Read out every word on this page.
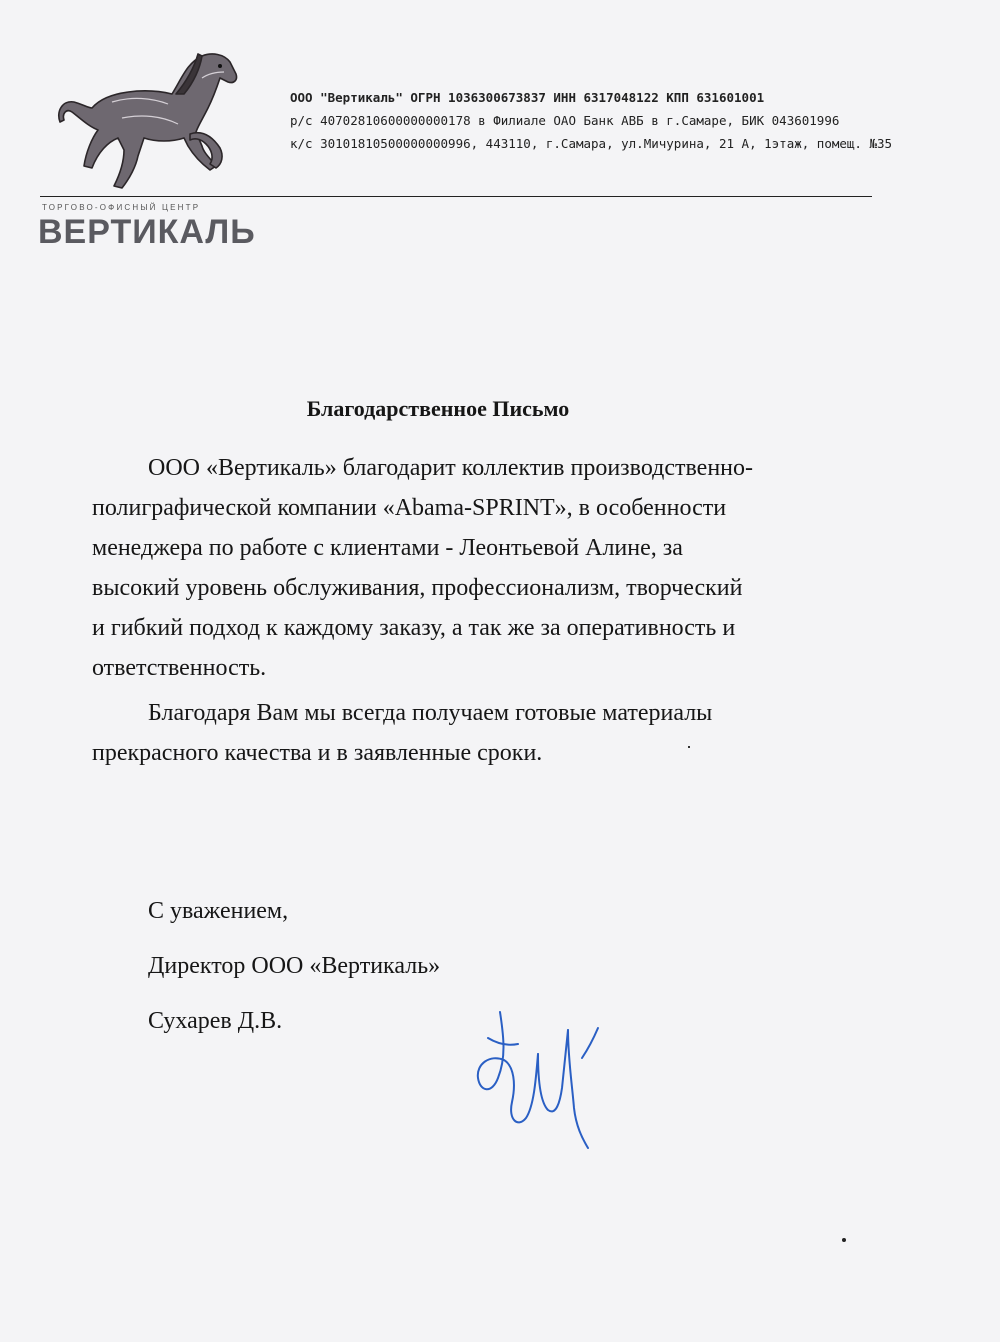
ТОРГОВО-ОФИСНЫЙ ЦЕНТР
ВЕРТИКАЛЬ
ООО "Вертикаль" ОГРН 1036300673837 ИНН 6317048122 КПП 631601001
р/с 40702810600000000178 в Филиале ОАО Банк АВБ в г.Самаре, БИК 043601996
к/с 30101810500000000996, 443110, г.Самара, ул.Мичурина, 21 А, 1этаж, помещ. №35
Благодарственное Письмо

ООО «Вертикаль» благодарит коллектив производственно-
полиграфической компании «Abama-SPRINT», в особенности
менеджера по работе с клиентами - Леонтьевой Алине, за
высокий уровень обслуживания, профессионализм, творческий
и гибкий подход к каждому заказу, а так же за оперативность и
ответственность.

Благодаря Вам мы всегда получаем готовые материалы
прекрасного качества и в заявленные сроки.

С уважением,
Директор ООО «Вертикаль»
Сухарев Д.В.
